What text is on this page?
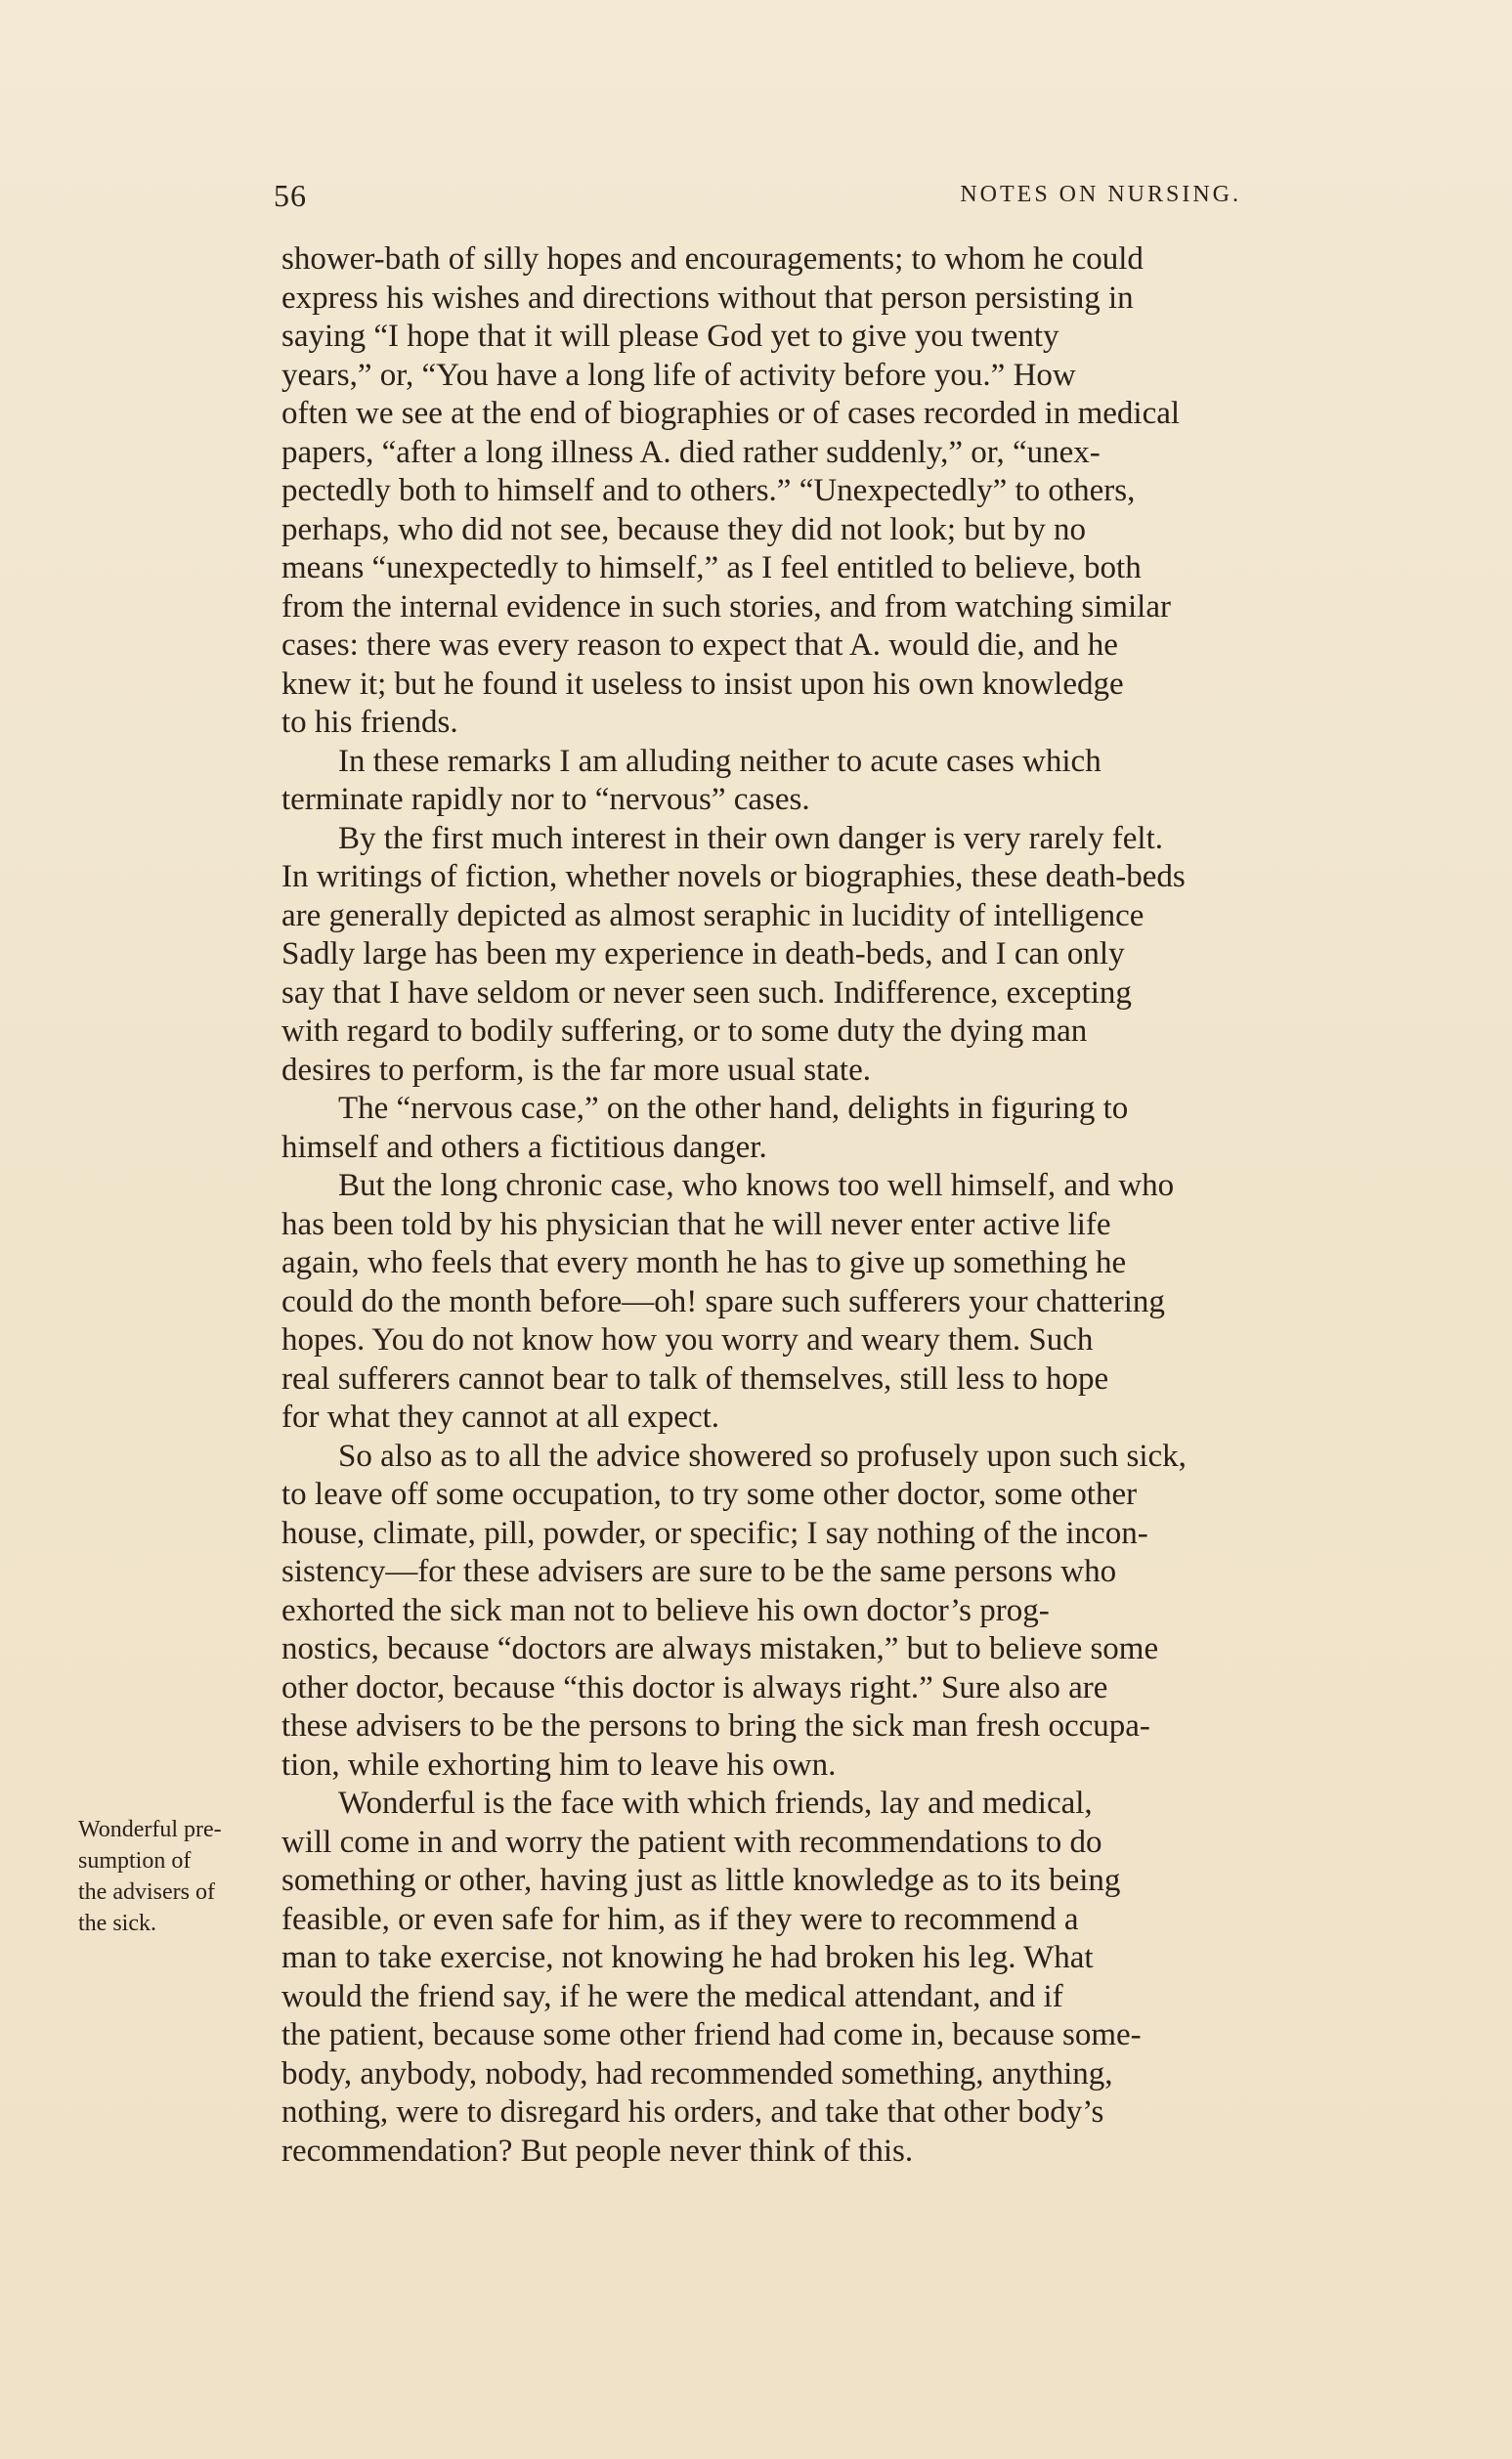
56	NOTES ON NURSING.
shower-bath of silly hopes and encouragements; to whom he could
express his wishes and directions without that person persisting in
saying “I hope that it will please God yet to give you twenty
years,” or, “You have a long life of activity before you.” How
often we see at the end of biographies or of cases recorded in medical
papers, “after a long illness A. died rather suddenly,” or, “unex-
pectedly both to himself and to others.” “Unexpectedly” to others,
perhaps, who did not see, because they did not look; but by no
means “unexpectedly to himself,” as I feel entitled to believe, both
from the internal evidence in such stories, and from watching similar
cases: there was every reason to expect that A. would die, and he
knew it; but he found it useless to insist upon his own knowledge
to his friends.
In these remarks I am alluding neither to acute cases which
terminate rapidly nor to “nervous” cases.
By the first much interest in their own danger is very rarely felt.
In writings of fiction, whether novels or biographies, these death-beds
are generally depicted as almost seraphic in lucidity of intelligence
Sadly large has been my experience in death-beds, and I can only
say that I have seldom or never seen such. Indifference, excepting
with regard to bodily suffering, or to some duty the dying man
desires to perform, is the far more usual state.
The “nervous case,” on the other hand, delights in figuring to
himself and others a fictitious danger.
But the long chronic case, who knows too well himself, and who
has been told by his physician that he will never enter active life
again, who feels that every month he has to give up something he
could do the month before—oh! spare such sufferers your chattering
hopes. You do not know how you worry and weary them. Such
real sufferers cannot bear to talk of themselves, still less to hope
for what they cannot at all expect.
So also as to all the advice showered so profusely upon such sick,
to leave off some occupation, to try some other doctor, some other
house, climate, pill, powder, or specific; I say nothing of the incon-
sistency—for these advisers are sure to be the same persons who
exhorted the sick man not to believe his own doctor’s prog-
nostics, because “doctors are always mistaken,” but to believe some
other doctor, because “this doctor is always right.” Sure also are
these advisers to be the persons to bring the sick man fresh occupa-
tion, while exhorting him to leave his own.
Wonderful is the face with which friends, lay and medical,
will come in and worry the patient with recommendations to do
something or other, having just as little knowledge as to its being
feasible, or even safe for him, as if they were to recommend a
man to take exercise, not knowing he had broken his leg. What
would the friend say, if he were the medical attendant, and if
the patient, because some other friend had come in, because some-
body, anybody, nobody, had recommended something, anything,
nothing, were to disregard his orders, and take that other body’s
recommendation? But people never think of this.
Wonderful pre-
sumption of
the advisers of
the sick.
